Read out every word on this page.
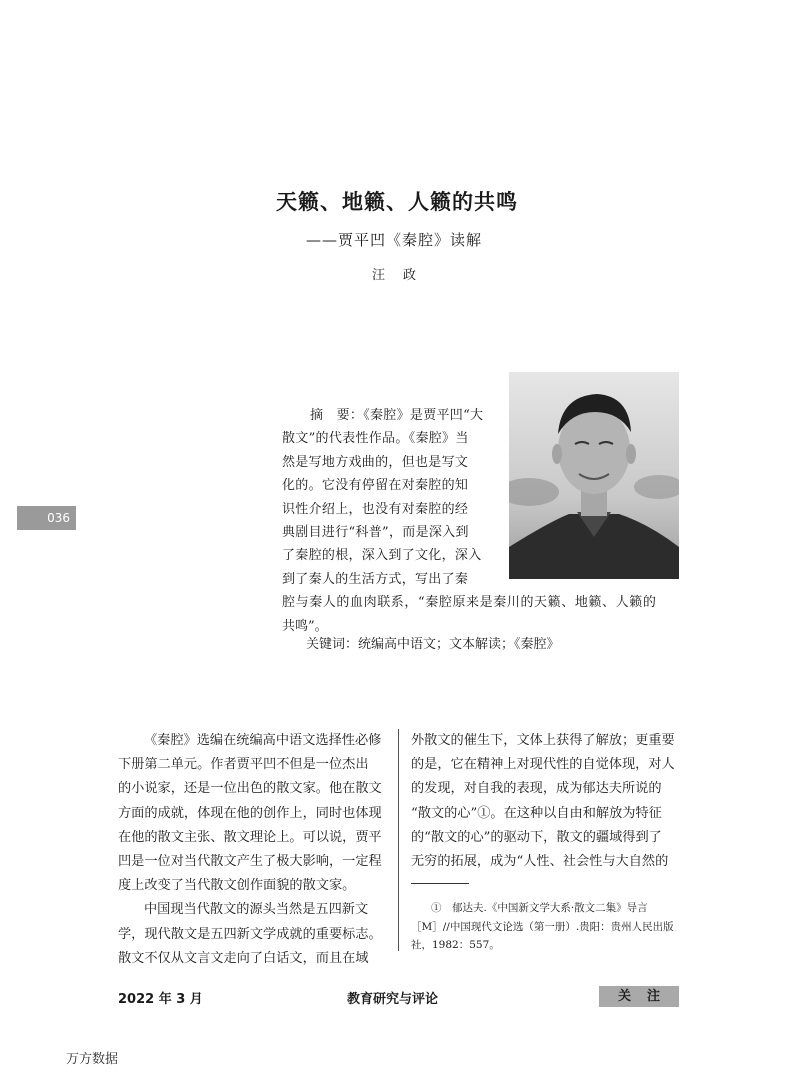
天籁、地籁、人籁的共鸣
——贾平凹《秦腔》读解
汪政
036
摘　要：《秦腔》是贾平凹“大
散文”的代表性作品。《秦腔》当
然是写地方戏曲的，但也是写文
化的。它没有停留在对秦腔的知
识性介绍上，也没有对秦腔的经
典剧目进行“科普”，而是深入到
了秦腔的根，深入到了文化，深入
到了秦人的生活方式，写出了秦
腔与秦人的血肉联系，“秦腔原来是秦川的天籁、地籁、人籁的
共鸣”。
关键词：统编高中语文；文本解读；《秦腔》
《秦腔》选编在统编高中语文选择性必修
下册第二单元。作者贾平凹不但是一位杰出
的小说家，还是一位出色的散文家。他在散文
方面的成就，体现在他的创作上，同时也体现
在他的散文主张、散文理论上。可以说，贾平
凹是一位对当代散文产生了极大影响，一定程
度上改变了当代散文创作面貌的散文家。
中国现当代散文的源头当然是五四新文
学，现代散文是五四新文学成就的重要标志。
散文不仅从文言文走向了白话文，而且在域
外散文的催生下，文体上获得了解放；更重要
的是，它在精神上对现代性的自觉体现，对人
的发现，对自我的表现，成为郁达夫所说的
“散文的心”①。在这种以自由和解放为特征
的“散文的心”的驱动下，散文的疆域得到了
无穷的拓展，成为“人性、社会性与大自然的
①　郁达夫.《中国新文学大系·散文二集》导言
［M］//中国现代文论选（第一册）.贵阳：贵州人民出版
社，1982：557。
2022 年 3 月	教育研究与评论	关注
万方数据
